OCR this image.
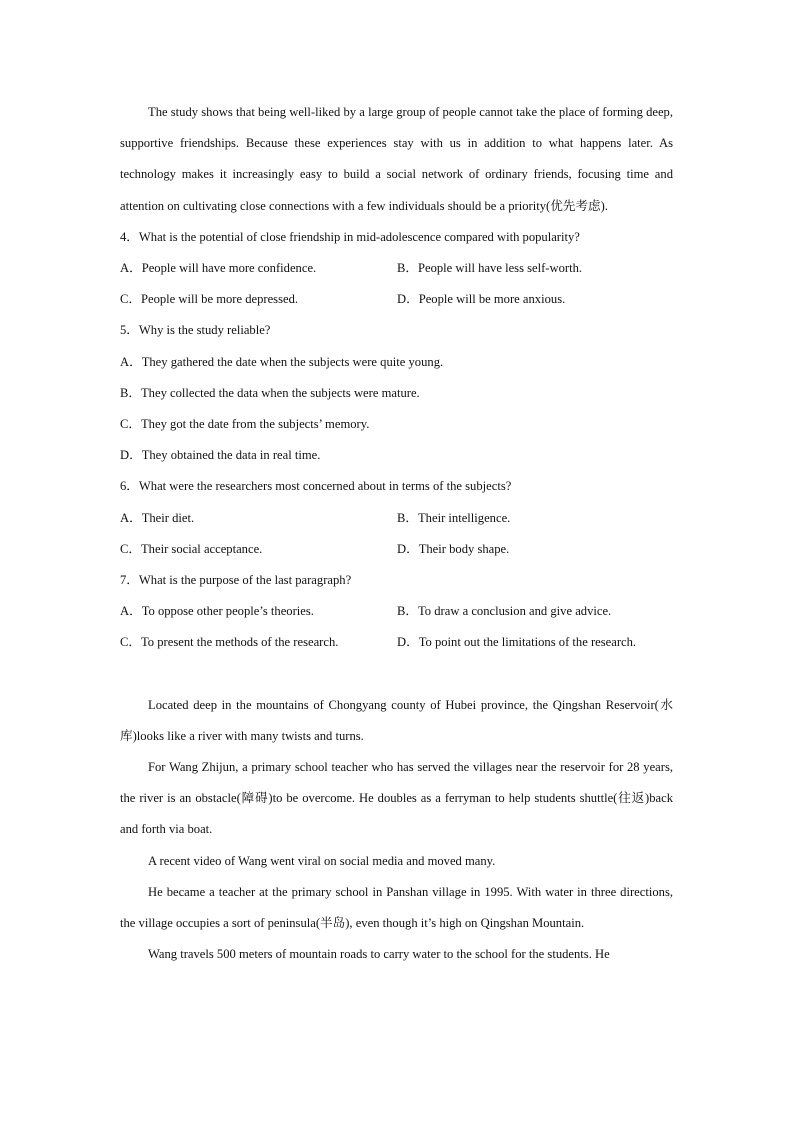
The study shows that being well-liked by a large group of people cannot take the place of forming deep, supportive friendships. Because these experiences stay with us in addition to what happens later. As technology makes it increasingly easy to build a social network of ordinary friends, focusing time and attention on cultivating close connections with a few individuals should be a priority(优先考虑).

4．What is the potential of close friendship in mid-adolescence compared with popularity?

A．People will have more confidence.	B．People will have less self-worth.
C．People will be more depressed.	D．People will be more anxious.

5．Why is the study reliable?

A．They gathered the date when the subjects were quite young.

B．They collected the data when the subjects were mature.

C．They got the date from the subjects’ memory.

D．They obtained the data in real time.

6．What were the researchers most concerned about in terms of the subjects?

A．Their diet.	B．Their intelligence.
C．Their social acceptance.	D．Their body shape.

7．What is the purpose of the last paragraph?

A．To oppose other people’s theories.	B．To draw a conclusion and give advice.
C．To present the methods of the research.	D．To point out the limitations of the research.

Located deep in the mountains of Chongyang county of Hubei province, the Qingshan Reservoir(水库)looks like a river with many twists and turns.

For Wang Zhijun, a primary school teacher who has served the villages near the reservoir for 28 years, the river is an obstacle(障碍)to be overcome. He doubles as a ferryman to help students shuttle(往返)back and forth via boat.

A recent video of Wang went viral on social media and moved many.

He became a teacher at the primary school in Panshan village in 1995. With water in three directions, the village occupies a sort of peninsula(半岛), even though it’s high on Qingshan Mountain.

Wang travels 500 meters of mountain roads to carry water to the school for the students. He
